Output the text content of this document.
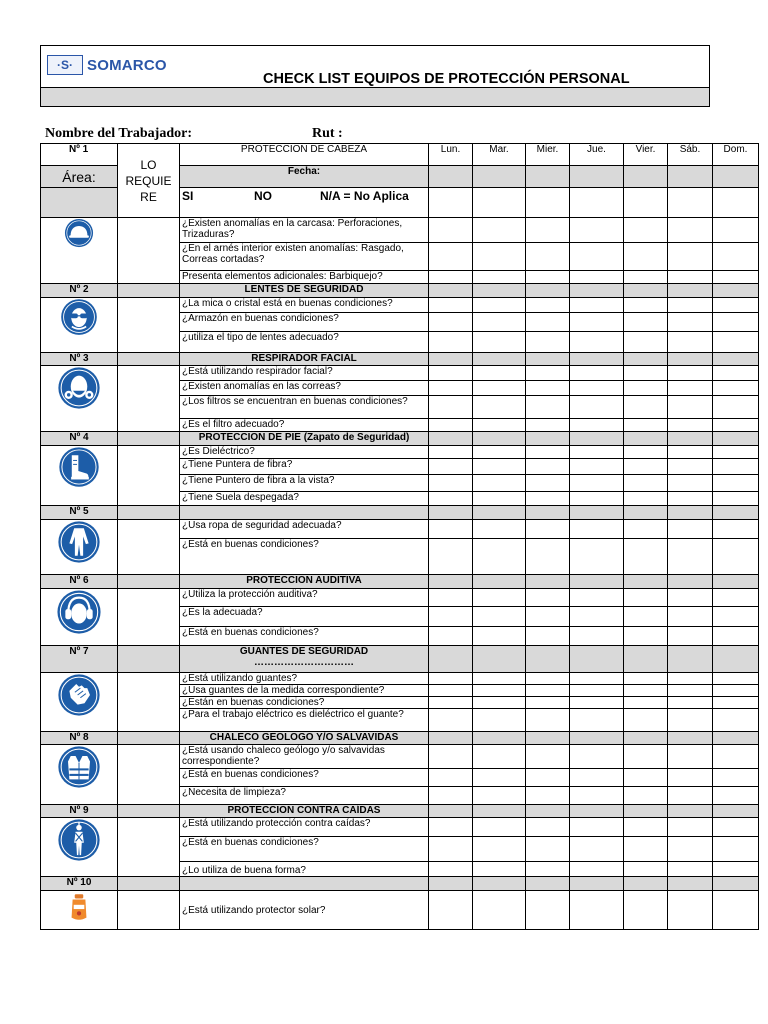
·S· SOMARCO
CHECK LIST EQUIPOS DE PROTECCIÓN PERSONAL
Nombre del Trabajador:	Rut :
Nº 1	LO REQUIE RE	PROTECCION DE CABEZA	Lun.	Mar.	Mier.	Jue.	Vier.	Sáb.	Dom.
Área:		Fecha:							
		SI NO N/A = No Aplica							

		¿Existen anomalías en la carcasa: Perforaciones, Trizaduras?							
		¿En el arnés interior existen anomalías: Rasgado, Correas cortadas?							
		Presenta elementos adicionales: Barbiquejo?							
Nº 2		LENTES DE SEGURIDAD							

		¿La mica o cristal está en buenas condiciones?							
		¿Armazón en buenas condiciones?							
		¿utiliza el tipo de lentes adecuado?							
Nº 3		RESPIRADOR FACIAL							

		¿Está utilizando respirador facial?							
		¿Existen anomalías en las correas?							
		¿Los filtros se encuentran en buenas condiciones?							
		¿Es el filtro adecuado?							
Nº 4		PROTECCION DE PIE (Zapato de Seguridad)							

		¿Es Dieléctrico?							
		¿Tiene Puntera de fibra?							
		¿Tiene Puntero de fibra a la vista?							
		¿Tiene Suela despegada?							
Nº 5									

		¿Usa ropa de seguridad adecuada?							
		¿Está en buenas condiciones?							
Nº 6		PROTECCION AUDITIVA							

		¿Utiliza la protección auditiva?							
		¿Es la adecuada?							
		¿Está en buenas condiciones?							
Nº 7		GUANTES DE SEGURIDAD
…………………………							

		¿Está utilizando guantes?							
		¿Usa guantes de la medida correspondiente?							
		¿Están en buenas condiciones?							
		¿Para el trabajo eléctrico es dieléctrico el guante?							
Nº 8		CHALECO GEOLOGO Y/O SALVAVIDAS							

		¿Está usando chaleco geólogo y/o salvavidas correspondiente?							
		¿Está en buenas condiciones?							
		¿Necesita de limpieza?							
Nº 9		PROTECCION CONTRA CAÍDAS							

		¿Está utilizando protección contra caídas?							
		¿Está en buenas condiciones?							
		¿Lo utiliza de buena forma?							
Nº 10									

		¿Está utilizando protector solar?							
